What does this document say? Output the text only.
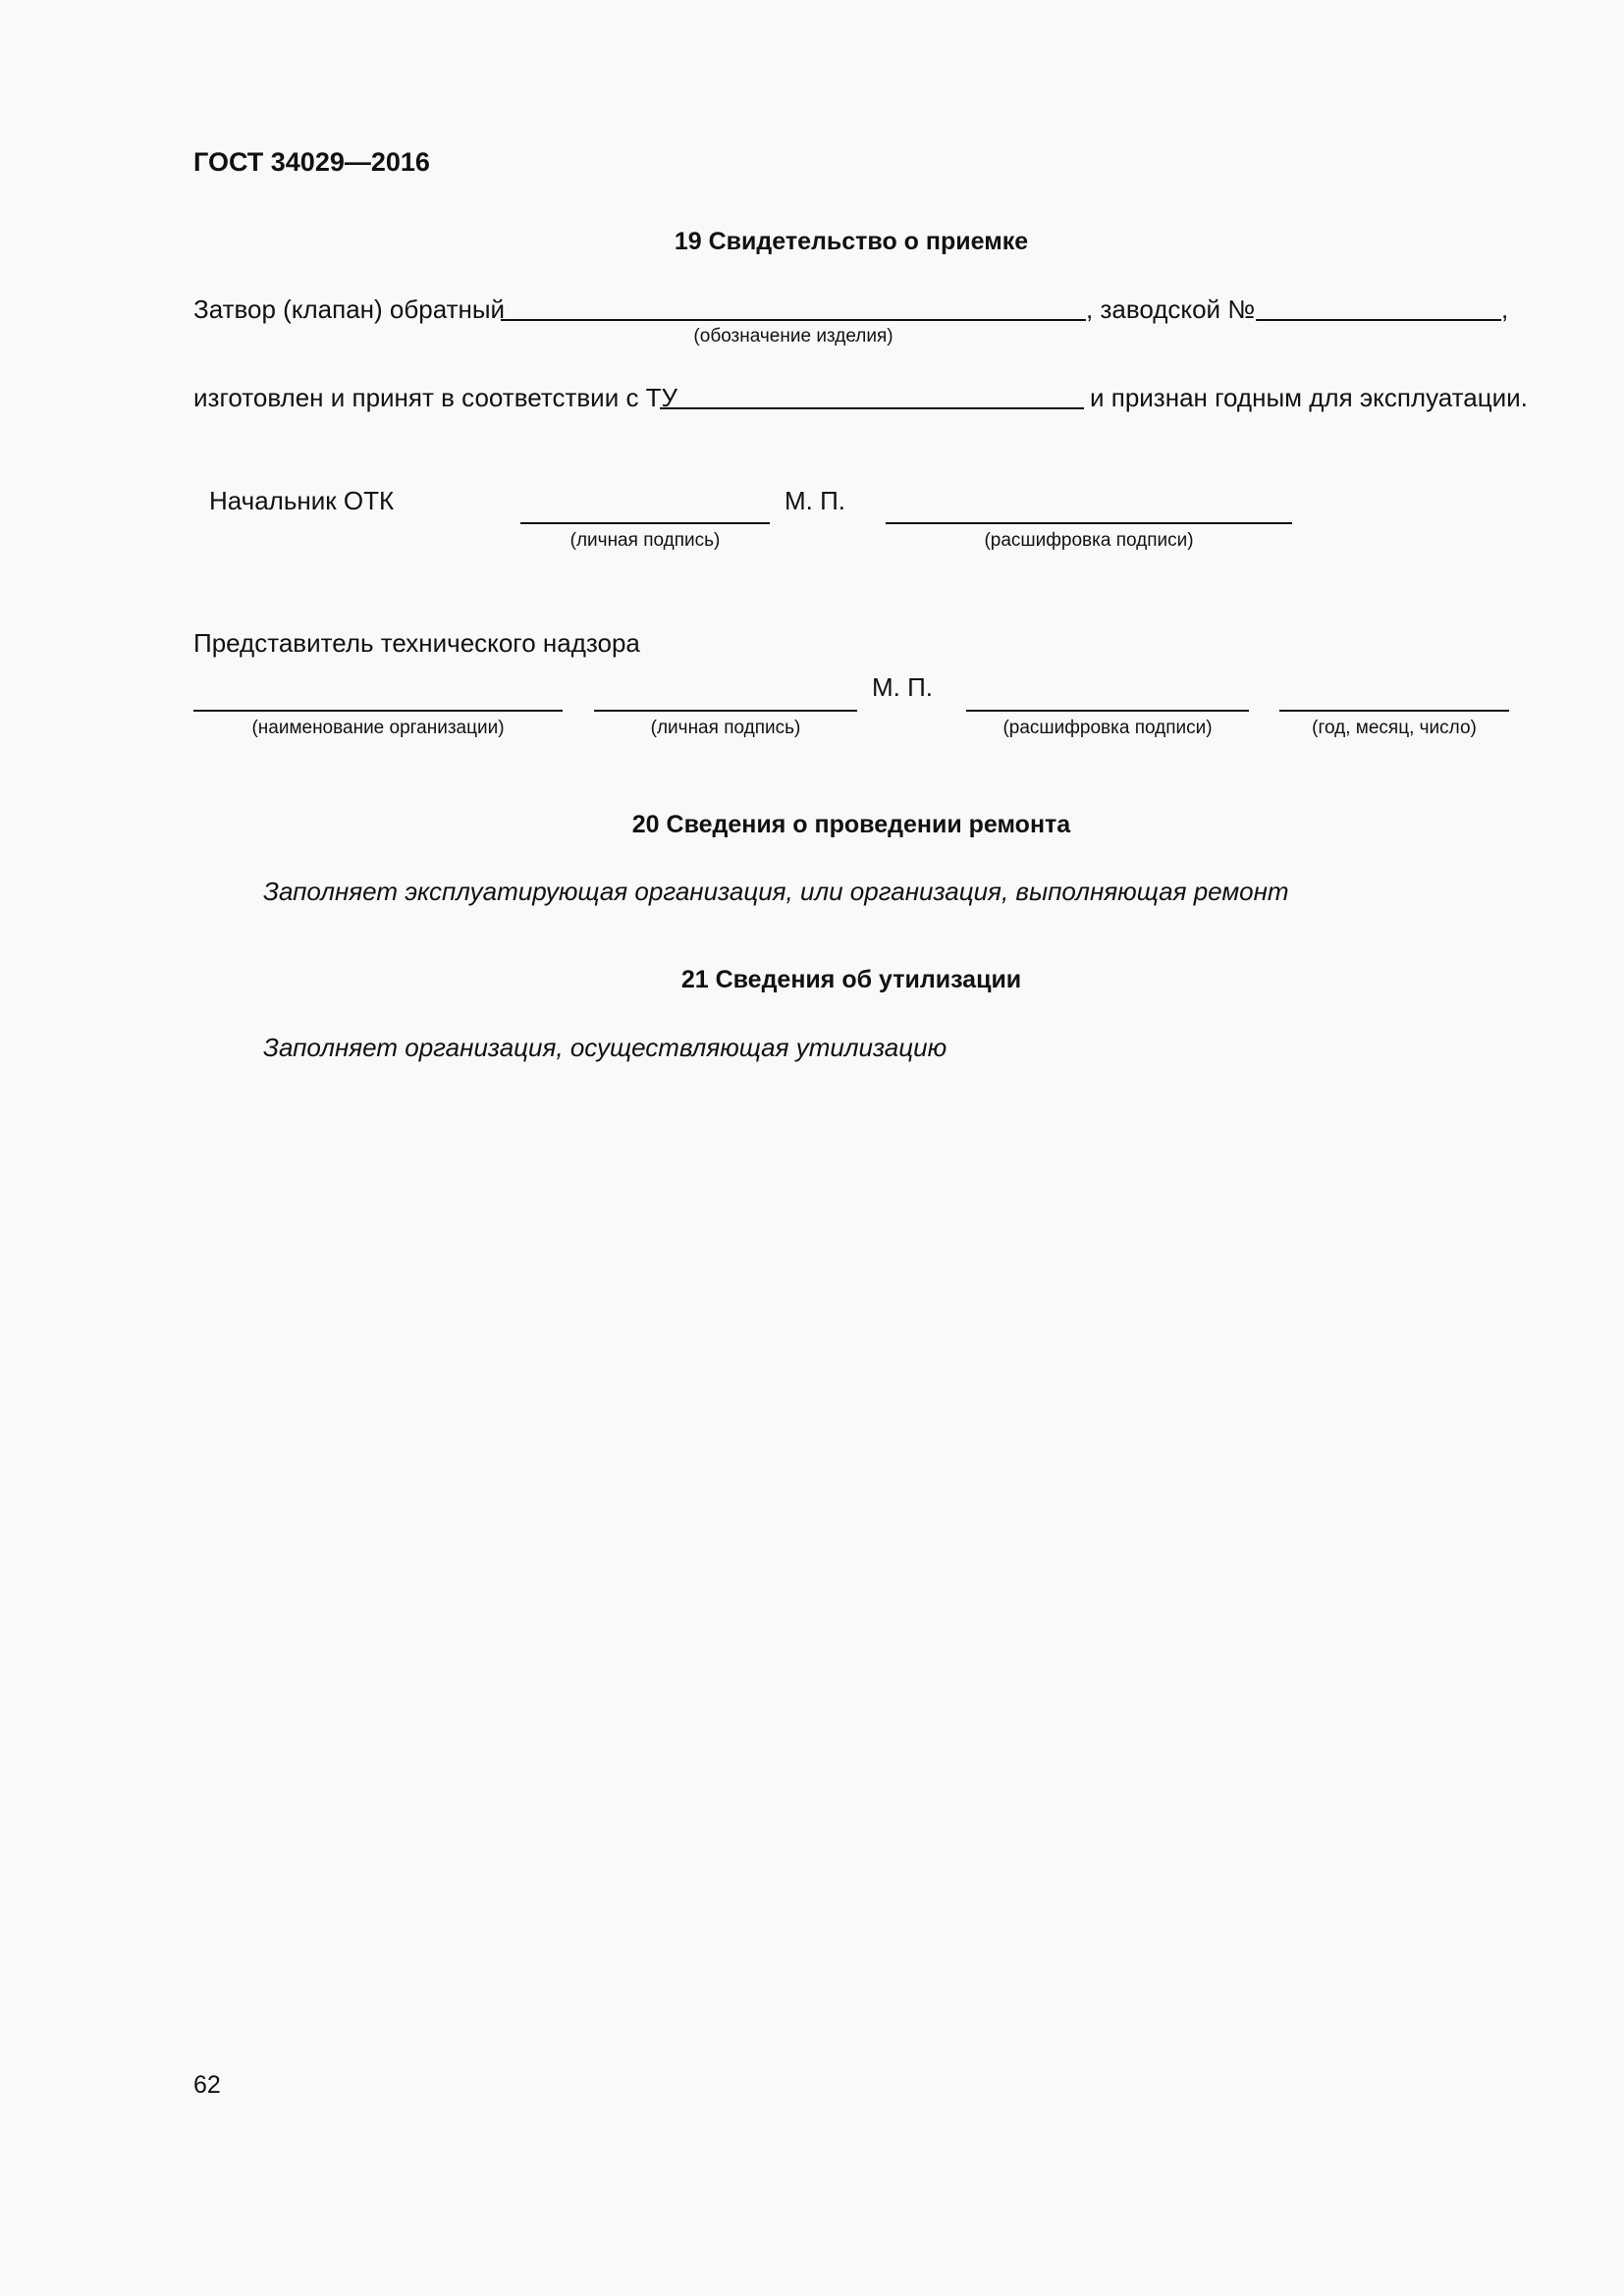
ГОСТ 34029—2016
19 Свидетельство о приемке
Затвор (клапан) обратный	, заводской №	,
(обозначение изделия)
изготовлен и принят в соответствии с ТУ	и признан годным для эксплуатации.
Начальник ОТК	М. П.
(личная подпись)	(расшифровка подписи)
Представитель технического надзора
М. П.
(наименование организации)	(личная подпись)	(расшифровка подписи)	(год, месяц, число)
20 Сведения о проведении ремонта
Заполняет эксплуатирующая организация, или организация, выполняющая ремонт
21 Сведения об утилизации
Заполняет организация, осуществляющая утилизацию
62
